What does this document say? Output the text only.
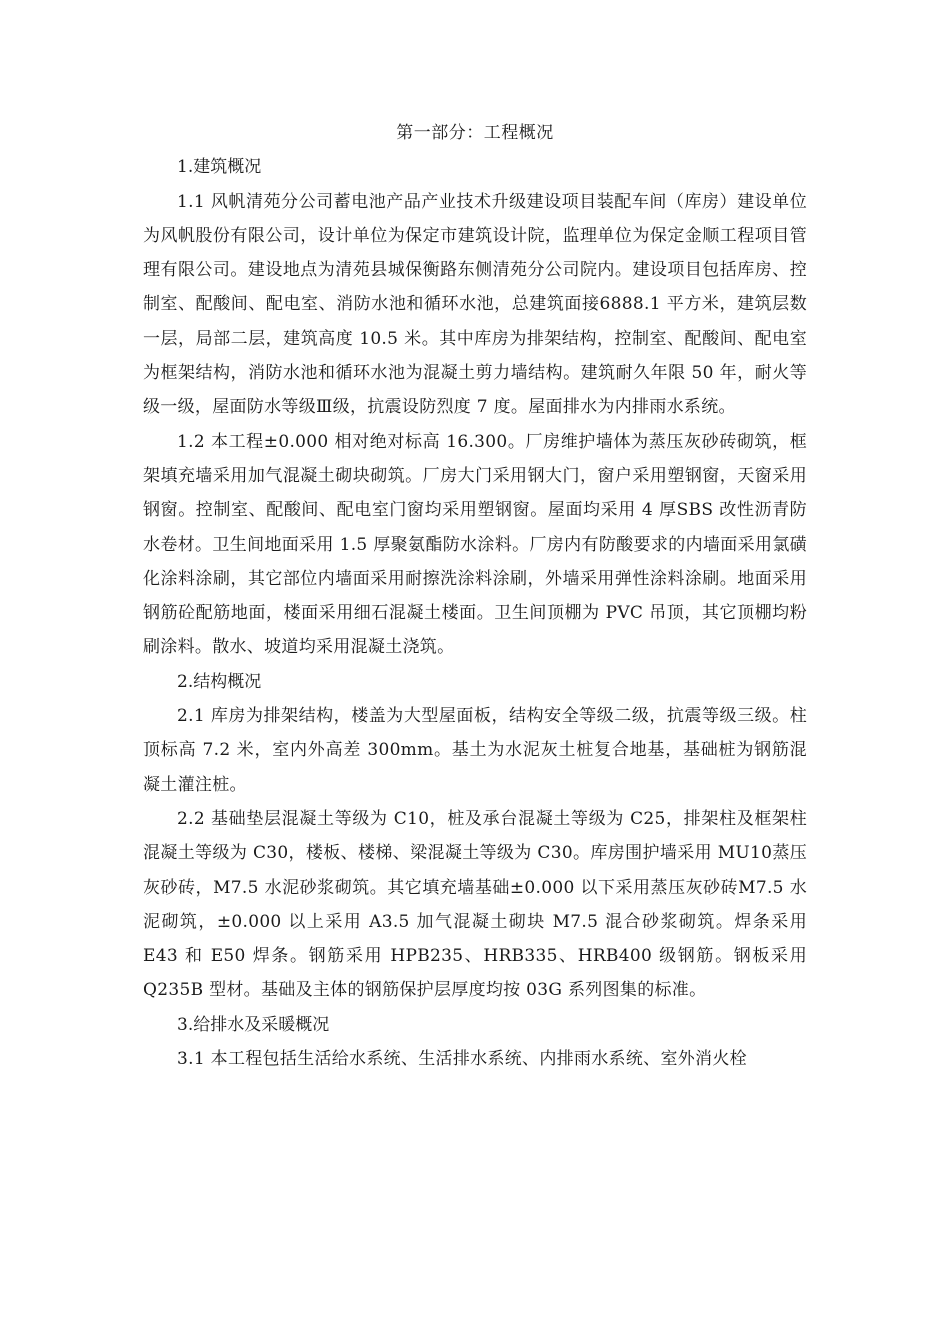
第一部分：工程概况

1.建筑概况

1.1 风帆清苑分公司蓄电池产品产业技术升级建设项目装配车间（库房）建设单位为风帆股份有限公司，设计单位为保定市建筑设计院，监理单位为保定金顺工程项目管理有限公司。建设地点为清苑县城保衡路东侧清苑分公司院内。建设项目包括库房、控制室、配酸间、配电室、消防水池和循环水池，总建筑面接6888.1 平方米，建筑层数一层，局部二层，建筑高度 10.5 米。其中库房为排架结构，控制室、配酸间、配电室为框架结构，消防水池和循环水池为混凝土剪力墙结构。建筑耐久年限 50 年，耐火等级一级，屋面防水等级Ⅲ级，抗震设防烈度 7 度。屋面排水为内排雨水系统。

1.2 本工程±0.000 相对绝对标高 16.300。厂房维护墙体为蒸压灰砂砖砌筑，框架填充墙采用加气混凝土砌块砌筑。厂房大门采用钢大门，窗户采用塑钢窗，天窗采用钢窗。控制室、配酸间、配电室门窗均采用塑钢窗。屋面均采用 4 厚SBS 改性沥青防水卷材。卫生间地面采用 1.5 厚聚氨酯防水涂料。厂房内有防酸要求的内墙面采用氯磺化涂料涂刷，其它部位内墙面采用耐擦洗涂料涂刷，外墙采用弹性涂料涂刷。地面采用钢筋砼配筋地面，楼面采用细石混凝土楼面。卫生间顶棚为 PVC 吊顶，其它顶棚均粉刷涂料。散水、坡道均采用混凝土浇筑。

2.结构概况

2.1 库房为排架结构，楼盖为大型屋面板，结构安全等级二级，抗震等级三级。柱顶标高 7.2 米，室内外高差 300mm。基土为水泥灰土桩复合地基，基础桩为钢筋混凝土灌注桩。

2.2 基础垫层混凝土等级为 C10，桩及承台混凝土等级为 C25，排架柱及框架柱混凝土等级为 C30，楼板、楼梯、梁混凝土等级为 C30。库房围护墙采用 MU10蒸压灰砂砖，M7.5 水泥砂浆砌筑。其它填充墙基础±0.000 以下采用蒸压灰砂砖M7.5 水泥砌筑，±0.000 以上采用 A3.5 加气混凝土砌块 M7.5 混合砂浆砌筑。焊条采用 E43 和 E50 焊条。钢筋采用 HPB235、HRB335、HRB400 级钢筋。钢板采用Q235B 型材。基础及主体的钢筋保护层厚度均按 03G 系列图集的标准。

3.给排水及采暖概况

3.1 本工程包括生活给水系统、生活排水系统、内排雨水系统、室外消火栓
